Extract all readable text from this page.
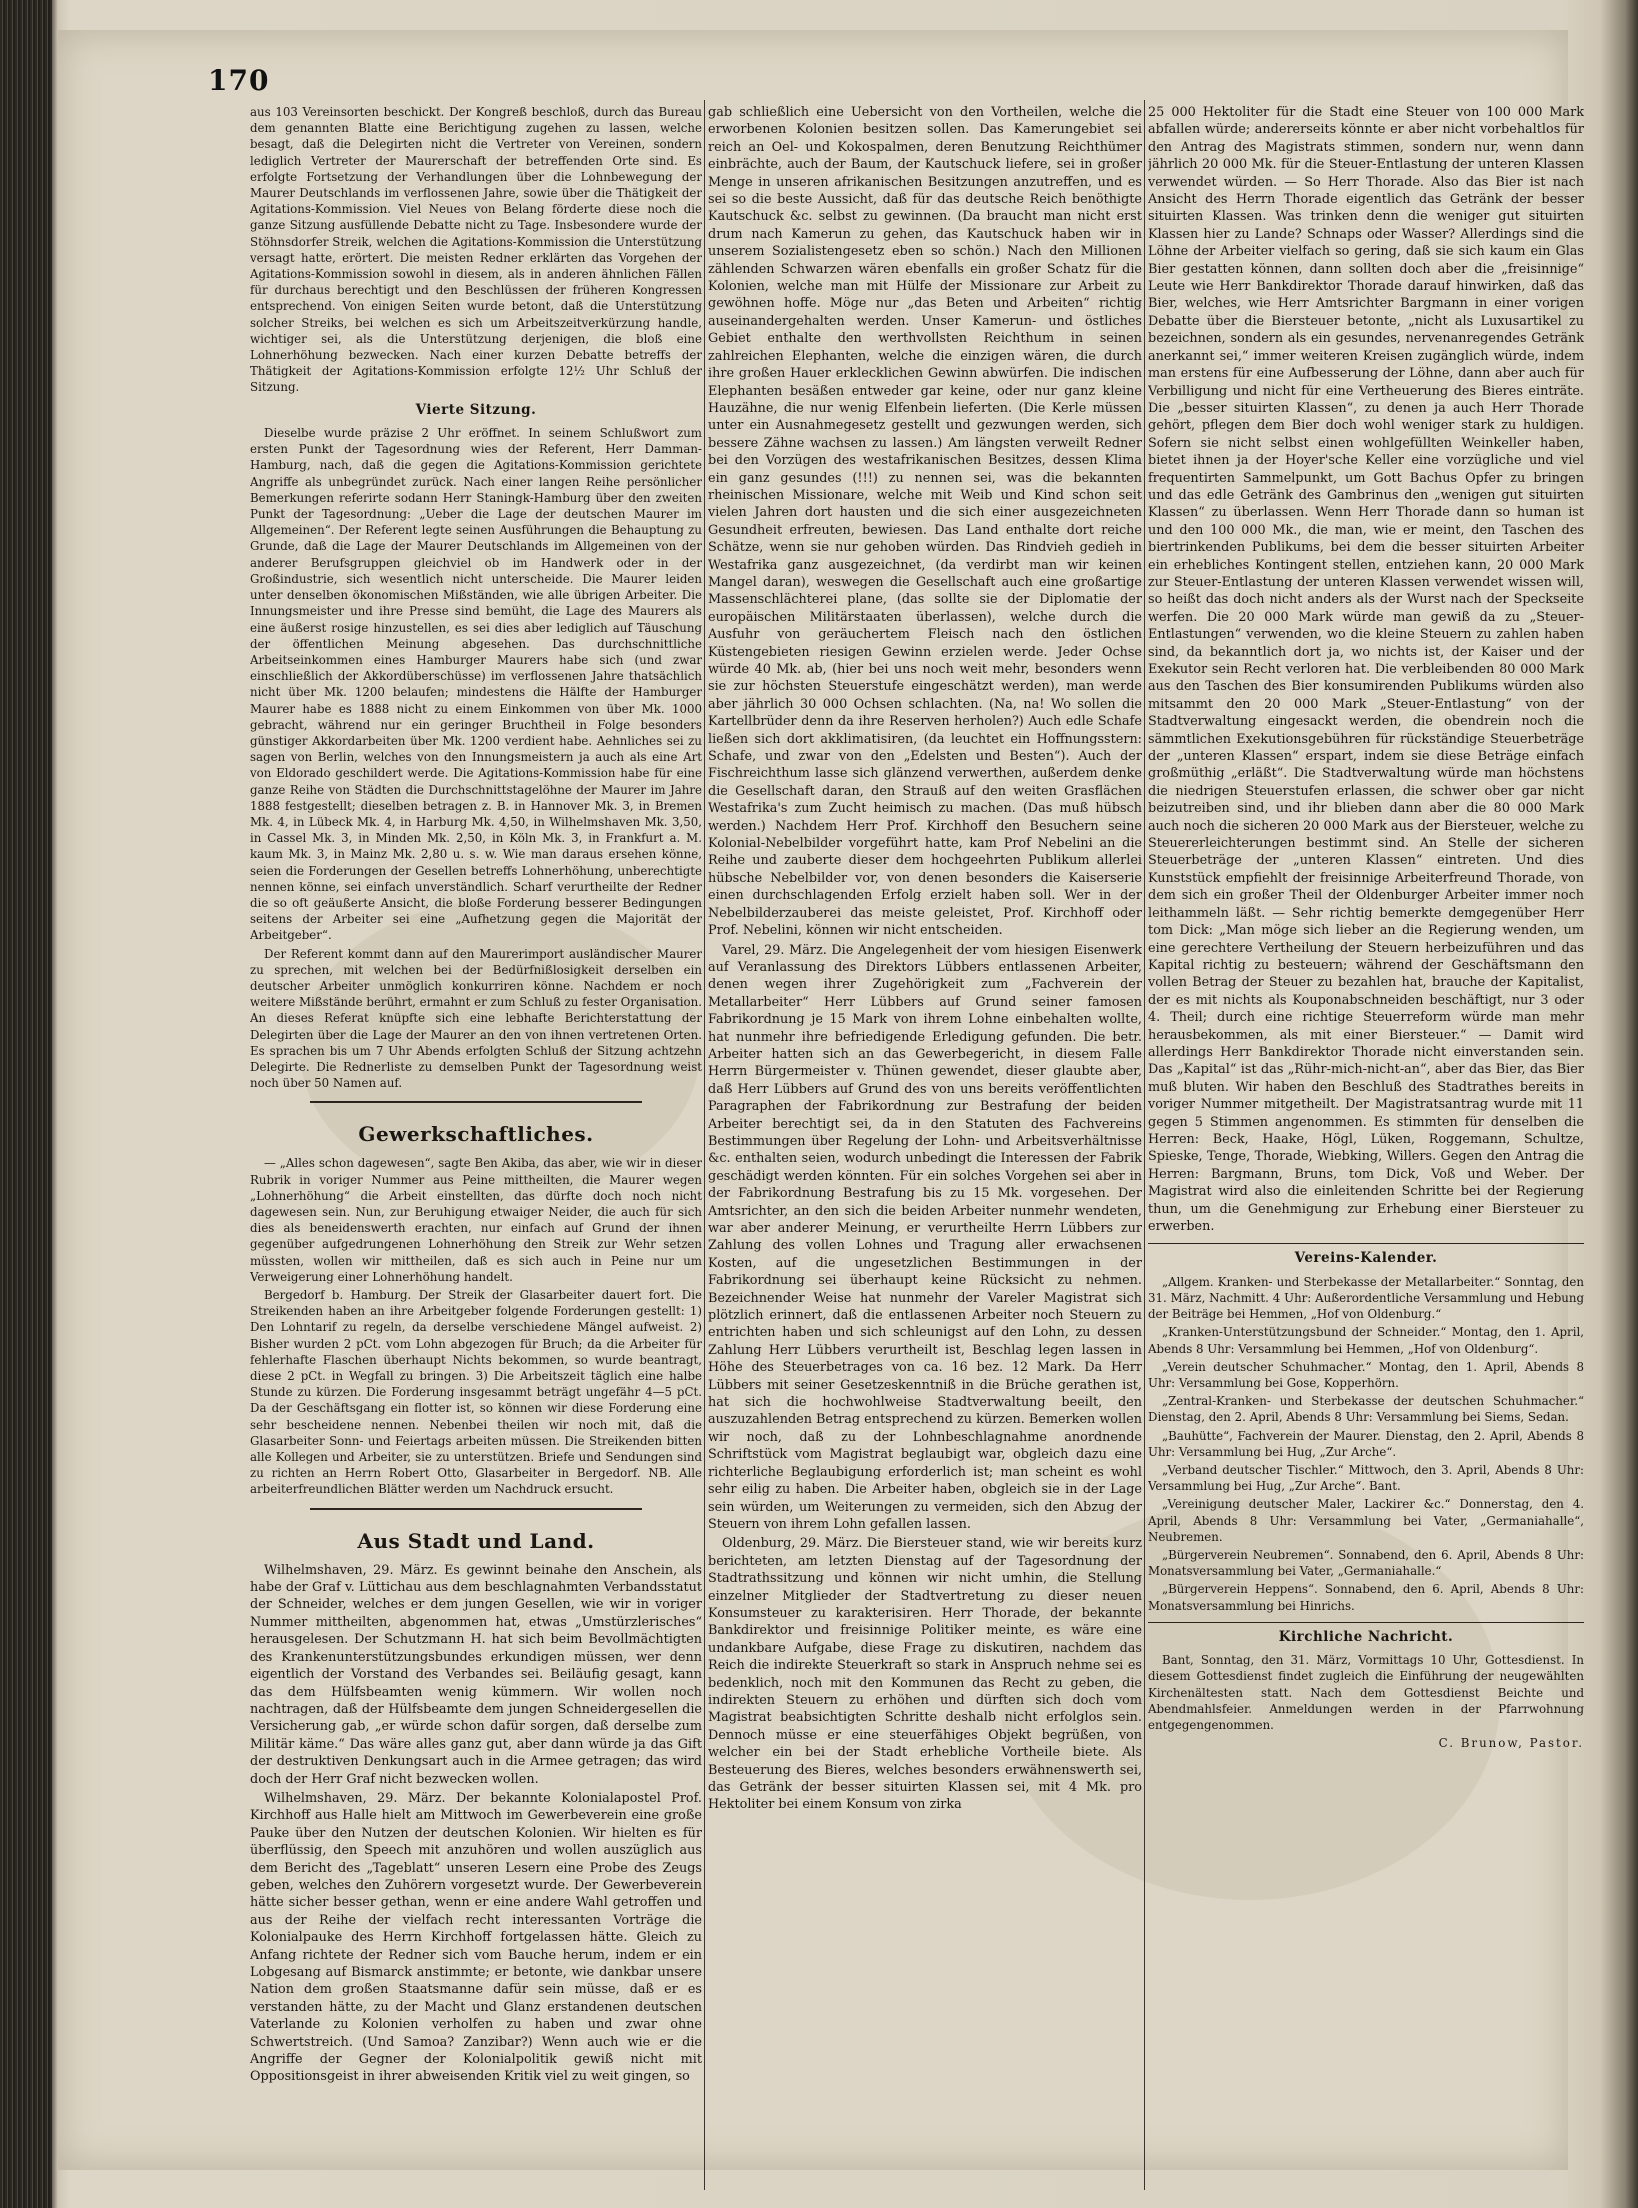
170

aus 103 Vereinsorten beschickt. Der Kongreß beschloß, durch das Bureau dem genannten Blatte eine Berichtigung zugehen zu lassen, welche besagt, daß die Delegirten nicht die Vertreter von Vereinen, sondern lediglich Vertreter der Maurerschaft der betreffenden Orte sind. Es erfolgte Fortsetzung der Verhandlungen über die Lohnbewegung der Maurer Deutschlands im verflossenen Jahre, sowie über die Thätigkeit der Agitations-Kommission. Viel Neues von Belang förderte diese noch die ganze Sitzung ausfüllende Debatte nicht zu Tage. Insbesondere wurde der Stöhnsdorfer Streik, welchen die Agitations-Kommission die Unterstützung versagt hatte, erörtert. Die meisten Redner erklärten das Vorgehen der Agitations-Kommission sowohl in diesem, als in anderen ähnlichen Fällen für durchaus berechtigt und den Beschlüssen der früheren Kongressen entsprechend. Von einigen Seiten wurde betont, daß die Unterstützung solcher Streiks, bei welchen es sich um Arbeitszeitverkürzung handle, wichtiger sei, als die Unterstützung derjenigen, die bloß eine Lohnerhöhung bezwecken. Nach einer kurzen Debatte betreffs der Thätigkeit der Agitations-Kommission erfolgte 12½ Uhr Schluß der Sitzung.

Vierte Sitzung.

Dieselbe wurde präzise 2 Uhr eröffnet. In seinem Schlußwort zum ersten Punkt der Tagesordnung wies der Referent, Herr Damman-Hamburg, nach, daß die gegen die Agitations-Kommission gerichtete Angriffe als unbegründet zurück. Nach einer langen Reihe persönlicher Bemerkungen referirte sodann Herr Staningk-Hamburg über den zweiten Punkt der Tagesordnung: „Ueber die Lage der deutschen Maurer im Allgemeinen“. Der Referent legte seinen Ausführungen die Behauptung zu Grunde, daß die Lage der Maurer Deutschlands im Allgemeinen von der anderer Berufsgruppen gleichviel ob im Handwerk oder in der Großindustrie, sich wesentlich nicht unterscheide. Die Maurer leiden unter denselben ökonomischen Mißständen, wie alle übrigen Arbeiter. Die Innungsmeister und ihre Presse sind bemüht, die Lage des Maurers als eine äußerst rosige hinzustellen, es sei dies aber lediglich auf Täuschung der öffentlichen Meinung abgesehen. Das durchschnittliche Arbeitseinkommen eines Hamburger Maurers habe sich (und zwar einschließlich der Akkordüberschüsse) im verflossenen Jahre thatsächlich nicht über Mk. 1200 belaufen; mindestens die Hälfte der Hamburger Maurer habe es 1888 nicht zu einem Einkommen von über Mk. 1000 gebracht, während nur ein geringer Bruchtheil in Folge besonders günstiger Akkordarbeiten über Mk. 1200 verdient habe. Aehnliches sei zu sagen von Berlin, welches von den Innungsmeistern ja auch als eine Art von Eldorado geschildert werde. Die Agitations-Kommission habe für eine ganze Reihe von Städten die Durchschnittstagelöhne der Maurer im Jahre 1888 festgestellt; dieselben betragen z. B. in Hannover Mk. 3, in Bremen Mk. 4, in Lübeck Mk. 4, in Harburg Mk. 4,50, in Wilhelmshaven Mk. 3,50, in Cassel Mk. 3, in Minden Mk. 2,50, in Köln Mk. 3, in Frankfurt a. M. kaum Mk. 3, in Mainz Mk. 2,80 u. s. w. Wie man daraus ersehen könne, seien die Forderungen der Gesellen betreffs Lohnerhöhung, unberechtigte nennen könne, sei einfach unverständlich. Scharf verurtheilte der Redner die so oft geäußerte Ansicht, die bloße Forderung besserer Bedingungen seitens der Arbeiter sei eine „Aufhetzung gegen die Majorität der Arbeitgeber“.

Der Referent kommt dann auf den Maurerimport ausländischer Maurer zu sprechen, mit welchen bei der Bedürfnißlosigkeit derselben ein deutscher Arbeiter unmöglich konkurriren könne. Nachdem er noch weitere Mißstände berührt, ermahnt er zum Schluß zu fester Organisation. An dieses Referat knüpfte sich eine lebhafte Berichterstattung der Delegirten über die Lage der Maurer an den von ihnen vertretenen Orten. Es sprachen bis um 7 Uhr Abends erfolgten Schluß der Sitzung achtzehn Delegirte. Die Rednerliste zu demselben Punkt der Tagesordnung weist noch über 50 Namen auf.

Gewerkschaftliches.

— „Alles schon dagewesen“, sagte Ben Akiba, das aber, wie wir in dieser Rubrik in voriger Nummer aus Peine mittheilten, die Maurer wegen „Lohnerhöhung“ die Arbeit einstellten, das dürfte doch noch nicht dagewesen sein. Nun, zur Beruhigung etwaiger Neider, die auch für sich dies als beneidenswerth erachten, nur einfach auf Grund der ihnen gegenüber aufgedrungenen Lohnerhöhung den Streik zur Wehr setzen müssten, wollen wir mittheilen, daß es sich auch in Peine nur um Verweigerung einer Lohnerhöhung handelt.

Bergedorf b. Hamburg. Der Streik der Glasarbeiter dauert fort. Die Streikenden haben an ihre Arbeitgeber folgende Forderungen gestellt: 1) Den Lohntarif zu regeln, da derselbe verschiedene Mängel aufweist. 2) Bisher wurden 2 pCt. vom Lohn abgezogen für Bruch; da die Arbeiter für fehlerhafte Flaschen überhaupt Nichts bekommen, so wurde beantragt, diese 2 pCt. in Wegfall zu bringen. 3) Die Arbeitszeit täglich eine halbe Stunde zu kürzen. Die Forderung insgesammt beträgt ungefähr 4—5 pCt. Da der Geschäftsgang ein flotter ist, so können wir diese Forderung eine sehr bescheidene nennen. Nebenbei theilen wir noch mit, daß die Glasarbeiter Sonn- und Feiertags arbeiten müssen. Die Streikenden bitten alle Kollegen und Arbeiter, sie zu unterstützen. Briefe und Sendungen sind zu richten an Herrn Robert Otto, Glasarbeiter in Bergedorf. NB. Alle arbeiterfreundlichen Blätter werden um Nachdruck ersucht.

Aus Stadt und Land.

Wilhelmshaven, 29. März. Es gewinnt beinahe den Anschein, als habe der Graf v. Lüttichau aus dem beschlagnahmten Verbandsstatut der Schneider, welches er dem jungen Gesellen, wie wir in voriger Nummer mittheilten, abgenommen hat, etwas „Umstürzlerisches“ herausgelesen. Der Schutzmann H. hat sich beim Bevollmächtigten des Krankenunterstützungsbundes erkundigen müssen, wer denn eigentlich der Vorstand des Verbandes sei. Beiläufig gesagt, kann das dem Hülfsbeamten wenig kümmern. Wir wollen noch nachtragen, daß der Hülfsbeamte dem jungen Schneidergesellen die Versicherung gab, „er würde schon dafür sorgen, daß derselbe zum Militär käme.“ Das wäre alles ganz gut, aber dann würde ja das Gift der destruktiven Denkungsart auch in die Armee getragen; das wird doch der Herr Graf nicht bezwecken wollen.

Wilhelmshaven, 29. März. Der bekannte Kolonialapostel Prof. Kirchhoff aus Halle hielt am Mittwoch im Gewerbeverein eine große Pauke über den Nutzen der deutschen Kolonien. Wir hielten es für überflüssig, den Speech mit anzuhören und wollen auszüglich aus dem Bericht des „Tageblatt“ unseren Lesern eine Probe des Zeugs geben, welches den Zuhörern vorgesetzt wurde. Der Gewerbeverein hätte sicher besser gethan, wenn er eine andere Wahl getroffen und aus der Reihe der vielfach recht interessanten Vorträge die Kolonialpauke des Herrn Kirchhoff fortgelassen hätte. Gleich zu Anfang richtete der Redner sich vom Bauche herum, indem er ein Lobgesang auf Bismarck anstimmte; er betonte, wie dankbar unsere Nation dem großen Staatsmanne dafür sein müsse, daß er es verstanden hätte, zu der Macht und Glanz erstandenen deutschen Vaterlande zu Kolonien verholfen zu haben und zwar ohne Schwertstreich. (Und Samoa? Zanzibar?) Wenn auch wie er die Angriffe der Gegner der Kolonialpolitik gewiß nicht mit Oppositionsgeist in ihrer abweisenden Kritik viel zu weit gingen, so

gab schließlich eine Uebersicht von den Vortheilen, welche die erworbenen Kolonien besitzen sollen. Das Kamerungebiet sei reich an Oel- und Kokospalmen, deren Benutzung Reichthümer einbrächte, auch der Baum, der Kautschuck liefere, sei in großer Menge in unseren afrikanischen Besitzungen anzutreffen, und es sei so die beste Aussicht, daß für das deutsche Reich benöthigte Kautschuck &c. selbst zu gewinnen. (Da braucht man nicht erst drum nach Kamerun zu gehen, das Kautschuck haben wir in unserem Sozialistengesetz eben so schön.) Nach den Millionen zählenden Schwarzen wären ebenfalls ein großer Schatz für die Kolonien, welche man mit Hülfe der Missionare zur Arbeit zu gewöhnen hoffe. Möge nur „das Beten und Arbeiten“ richtig auseinandergehalten werden. Unser Kamerun- und östliches Gebiet enthalte den werthvollsten Reichthum in seinen zahlreichen Elephanten, welche die einzigen wären, die durch ihre großen Hauer erklecklichen Gewinn abwürfen. Die indischen Elephanten besäßen entweder gar keine, oder nur ganz kleine Hauzähne, die nur wenig Elfenbein lieferten. (Die Kerle müssen unter ein Ausnahmegesetz gestellt und gezwungen werden, sich bessere Zähne wachsen zu lassen.) Am längsten verweilt Redner bei den Vorzügen des westafrikanischen Besitzes, dessen Klima ein ganz gesundes (!!!) zu nennen sei, was die bekannten rheinischen Missionare, welche mit Weib und Kind schon seit vielen Jahren dort hausten und die sich einer ausgezeichneten Gesundheit erfreuten, bewiesen. Das Land enthalte dort reiche Schätze, wenn sie nur gehoben würden. Das Rindvieh gedieh in Westafrika ganz ausgezeichnet, (da verdirbt man wir keinen Mangel daran), weswegen die Gesellschaft auch eine großartige Massenschlächterei plane, (das sollte sie der Diplomatie der europäischen Militärstaaten überlassen), welche durch die Ausfuhr von geräuchertem Fleisch nach den östlichen Küstengebieten riesigen Gewinn erzielen werde. Jeder Ochse würde 40 Mk. ab, (hier bei uns noch weit mehr, besonders wenn sie zur höchsten Steuerstufe eingeschätzt werden), man werde aber jährlich 30 000 Ochsen schlachten. (Na, na! Wo sollen die Kartellbrüder denn da ihre Reserven herholen?) Auch edle Schafe ließen sich dort akklimatisiren, (da leuchtet ein Hoffnungsstern: Schafe, und zwar von den „Edelsten und Besten“). Auch der Fischreichthum lasse sich glänzend verwerthen, außerdem denke die Gesellschaft daran, den Strauß auf den weiten Grasflächen Westafrika's zum Zucht heimisch zu machen. (Das muß hübsch werden.) Nachdem Herr Prof. Kirchhoff den Besuchern seine Kolonial-Nebelbilder vorgeführt hatte, kam Prof Nebelini an die Reihe und zauberte dieser dem hochgeehrten Publikum allerlei hübsche Nebelbilder vor, von denen besonders die Kaiserserie einen durchschlagenden Erfolg erzielt haben soll. Wer in der Nebelbilderzauberei das meiste geleistet, Prof. Kirchhoff oder Prof. Nebelini, können wir nicht entscheiden.

Varel, 29. März. Die Angelegenheit der vom hiesigen Eisenwerk auf Veranlassung des Direktors Lübbers entlassenen Arbeiter, denen wegen ihrer Zugehörigkeit zum „Fachverein der Metallarbeiter“ Herr Lübbers auf Grund seiner famosen Fabrikordnung je 15 Mark von ihrem Lohne einbehalten wollte, hat nunmehr ihre befriedigende Erledigung gefunden. Die betr. Arbeiter hatten sich an das Gewerbegericht, in diesem Falle Herrn Bürgermeister v. Thünen gewendet, dieser glaubte aber, daß Herr Lübbers auf Grund des von uns bereits veröffentlichten Paragraphen der Fabrikordnung zur Bestrafung der beiden Arbeiter berechtigt sei, da in den Statuten des Fachvereins Bestimmungen über Regelung der Lohn- und Arbeitsverhältnisse &c. enthalten seien, wodurch unbedingt die Interessen der Fabrik geschädigt werden könnten. Für ein solches Vorgehen sei aber in der Fabrikordnung Bestrafung bis zu 15 Mk. vorgesehen. Der Amtsrichter, an den sich die beiden Arbeiter nunmehr wendeten, war aber anderer Meinung, er verurtheilte Herrn Lübbers zur Zahlung des vollen Lohnes und Tragung aller erwachsenen Kosten, auf die ungesetzlichen Bestimmungen in der Fabrikordnung sei überhaupt keine Rücksicht zu nehmen. Bezeichnender Weise hat nunmehr der Vareler Magistrat sich plötzlich erinnert, daß die entlassenen Arbeiter noch Steuern zu entrichten haben und sich schleunigst auf den Lohn, zu dessen Zahlung Herr Lübbers verurtheilt ist, Beschlag legen lassen in Höhe des Steuerbetrages von ca. 16 bez. 12 Mark. Da Herr Lübbers mit seiner Gesetzeskenntniß in die Brüche gerathen ist, hat sich die hochwohlweise Stadtverwaltung beeilt, den auszuzahlenden Betrag entsprechend zu kürzen. Bemerken wollen wir noch, daß zu der Lohnbeschlagnahme anordnende Schriftstück vom Magistrat beglaubigt war, obgleich dazu eine richterliche Beglaubigung erforderlich ist; man scheint es wohl sehr eilig zu haben. Die Arbeiter haben, obgleich sie in der Lage sein würden, um Weiterungen zu vermeiden, sich den Abzug der Steuern von ihrem Lohn gefallen lassen.

Oldenburg, 29. März. Die Biersteuer stand, wie wir bereits kurz berichteten, am letzten Dienstag auf der Tagesordnung der Stadtrathssitzung und können wir nicht umhin, die Stellung einzelner Mitglieder der Stadtvertretung zu dieser neuen Konsumsteuer zu karakterisiren. Herr Thorade, der bekannte Bankdirektor und freisinnige Politiker meinte, es wäre eine undankbare Aufgabe, diese Frage zu diskutiren, nachdem das Reich die indirekte Steuerkraft so stark in Anspruch nehme sei es bedenklich, noch mit den Kommunen das Recht zu geben, die indirekten Steuern zu erhöhen und dürften sich doch vom Magistrat beabsichtigten Schritte deshalb nicht erfolglos sein. Dennoch müsse er eine steuerfähiges Objekt begrüßen, von welcher ein bei der Stadt erhebliche Vortheile biete. Als Besteuerung des Bieres, welches besonders erwähnenswerth sei, das Getränk der besser situirten Klassen sei, mit 4 Mk. pro Hektoliter bei einem Konsum von zirka

25 000 Hektoliter für die Stadt eine Steuer von 100 000 Mark abfallen würde; andererseits könnte er aber nicht vorbehaltlos für den Antrag des Magistrats stimmen, sondern nur, wenn dann jährlich 20 000 Mk. für die Steuer-Entlastung der unteren Klassen verwendet würden. — So Herr Thorade. Also das Bier ist nach Ansicht des Herrn Thorade eigentlich das Getränk der besser situirten Klassen. Was trinken denn die weniger gut situirten Klassen hier zu Lande? Schnaps oder Wasser? Allerdings sind die Löhne der Arbeiter vielfach so gering, daß sie sich kaum ein Glas Bier gestatten können, dann sollten doch aber die „freisinnige“ Leute wie Herr Bankdirektor Thorade darauf hinwirken, daß das Bier, welches, wie Herr Amtsrichter Bargmann in einer vorigen Debatte über die Biersteuer betonte, „nicht als Luxusartikel zu bezeichnen, sondern als ein gesundes, nervenanregendes Getränk anerkannt sei,“ immer weiteren Kreisen zugänglich würde, indem man erstens für eine Aufbesserung der Löhne, dann aber auch für Verbilligung und nicht für eine Vertheuerung des Bieres einträte. Die „besser situirten Klassen“, zu denen ja auch Herr Thorade gehört, pflegen dem Bier doch wohl weniger stark zu huldigen. Sofern sie nicht selbst einen wohlgefüllten Weinkeller haben, bietet ihnen ja der Hoyer'sche Keller eine vorzügliche und viel frequentirten Sammelpunkt, um Gott Bachus Opfer zu bringen und das edle Getränk des Gambrinus den „wenigen gut situirten Klassen“ zu überlassen. Wenn Herr Thorade dann so human ist und den 100 000 Mk., die man, wie er meint, den Taschen des biertrinkenden Publikums, bei dem die besser situirten Arbeiter ein erhebliches Kontingent stellen, entziehen kann, 20 000 Mark zur Steuer-Entlastung der unteren Klassen verwendet wissen will, so heißt das doch nicht anders als der Wurst nach der Speckseite werfen. Die 20 000 Mark würde man gewiß da zu „Steuer-Entlastungen“ verwenden, wo die kleine Steuern zu zahlen haben sind, da bekanntlich dort ja, wo nichts ist, der Kaiser und der Exekutor sein Recht verloren hat. Die verbleibenden 80 000 Mark aus den Taschen des Bier konsumirenden Publikums würden also mitsammt den 20 000 Mark „Steuer-Entlastung“ von der Stadtverwaltung eingesackt werden, die obendrein noch die sämmtlichen Exekutionsgebühren für rückständige Steuerbeträge der „unteren Klassen“ erspart, indem sie diese Beträge einfach großmüthig „erläßt“. Die Stadtverwaltung würde man höchstens die niedrigen Steuerstufen erlassen, die schwer ober gar nicht beizutreiben sind, und ihr blieben dann aber die 80 000 Mark auch noch die sicheren 20 000 Mark aus der Biersteuer, welche zu Steuererleichterungen bestimmt sind. An Stelle der sicheren Steuerbeträge der „unteren Klassen“ eintreten. Und dies Kunststück empfiehlt der freisinnige Arbeiterfreund Thorade, von dem sich ein großer Theil der Oldenburger Arbeiter immer noch leithammeln läßt. — Sehr richtig bemerkte demgegenüber Herr tom Dick: „Man möge sich lieber an die Regierung wenden, um eine gerechtere Vertheilung der Steuern herbeizuführen und das Kapital richtig zu besteuern; während der Geschäftsmann den vollen Betrag der Steuer zu bezahlen hat, brauche der Kapitalist, der es mit nichts als Kouponabschneiden beschäftigt, nur 3 oder 4. Theil; durch eine richtige Steuerreform würde man mehr herausbekommen, als mit einer Biersteuer.“ — Damit wird allerdings Herr Bankdirektor Thorade nicht einverstanden sein. Das „Kapital“ ist das „Rühr-mich-nicht-an“, aber das Bier, das Bier muß bluten. Wir haben den Beschluß des Stadtrathes bereits in voriger Nummer mitgetheilt. Der Magistratsantrag wurde mit 11 gegen 5 Stimmen angenommen. Es stimmten für denselben die Herren: Beck, Haake, Högl, Lüken, Roggemann, Schultze, Spieske, Tenge, Thorade, Wiebking, Willers. Gegen den Antrag die Herren: Bargmann, Bruns, tom Dick, Voß und Weber. Der Magistrat wird also die einleitenden Schritte bei der Regierung thun, um die Genehmigung zur Erhebung einer Biersteuer zu erwerben.

Vereins-Kalender.

„Allgem. Kranken- und Sterbekasse der Metallarbeiter.“ Sonntag, den 31. März, Nachmitt. 4 Uhr: Außerordentliche Versammlung und Hebung der Beiträge bei Hemmen, „Hof von Oldenburg.“

„Kranken-Unterstützungsbund der Schneider.“ Montag, den 1. April, Abends 8 Uhr: Versammlung bei Hemmen, „Hof von Oldenburg“.

„Verein deutscher Schuhmacher.“ Montag, den 1. April, Abends 8 Uhr: Versammlung bei Gose, Kopperhörn.

„Zentral-Kranken- und Sterbekasse der deutschen Schuhmacher.“ Dienstag, den 2. April, Abends 8 Uhr: Versammlung bei Siems, Sedan.

„Bauhütte“, Fachverein der Maurer. Dienstag, den 2. April, Abends 8 Uhr: Versammlung bei Hug, „Zur Arche“.

„Verband deutscher Tischler.“ Mittwoch, den 3. April, Abends 8 Uhr: Versammlung bei Hug, „Zur Arche“. Bant.

„Vereinigung deutscher Maler, Lackirer &c.“ Donnerstag, den 4. April, Abends 8 Uhr: Versammlung bei Vater, „Germaniahalle“, Neubremen.

„Bürgerverein Neubremen“. Sonnabend, den 6. April, Abends 8 Uhr: Monatsversammlung bei Vater, „Germaniahalle.“

„Bürgerverein Heppens“. Sonnabend, den 6. April, Abends 8 Uhr: Monatsversammlung bei Hinrichs.

Kirchliche Nachricht.

Bant, Sonntag, den 31. März, Vormittags 10 Uhr, Gottesdienst. In diesem Gottesdienst findet zugleich die Einführung der neugewählten Kirchenältesten statt. Nach dem Gottesdienst Beichte und Abendmahlsfeier. Anmeldungen werden in der Pfarrwohnung entgegengenommen.

C. Brunow, Pastor.
